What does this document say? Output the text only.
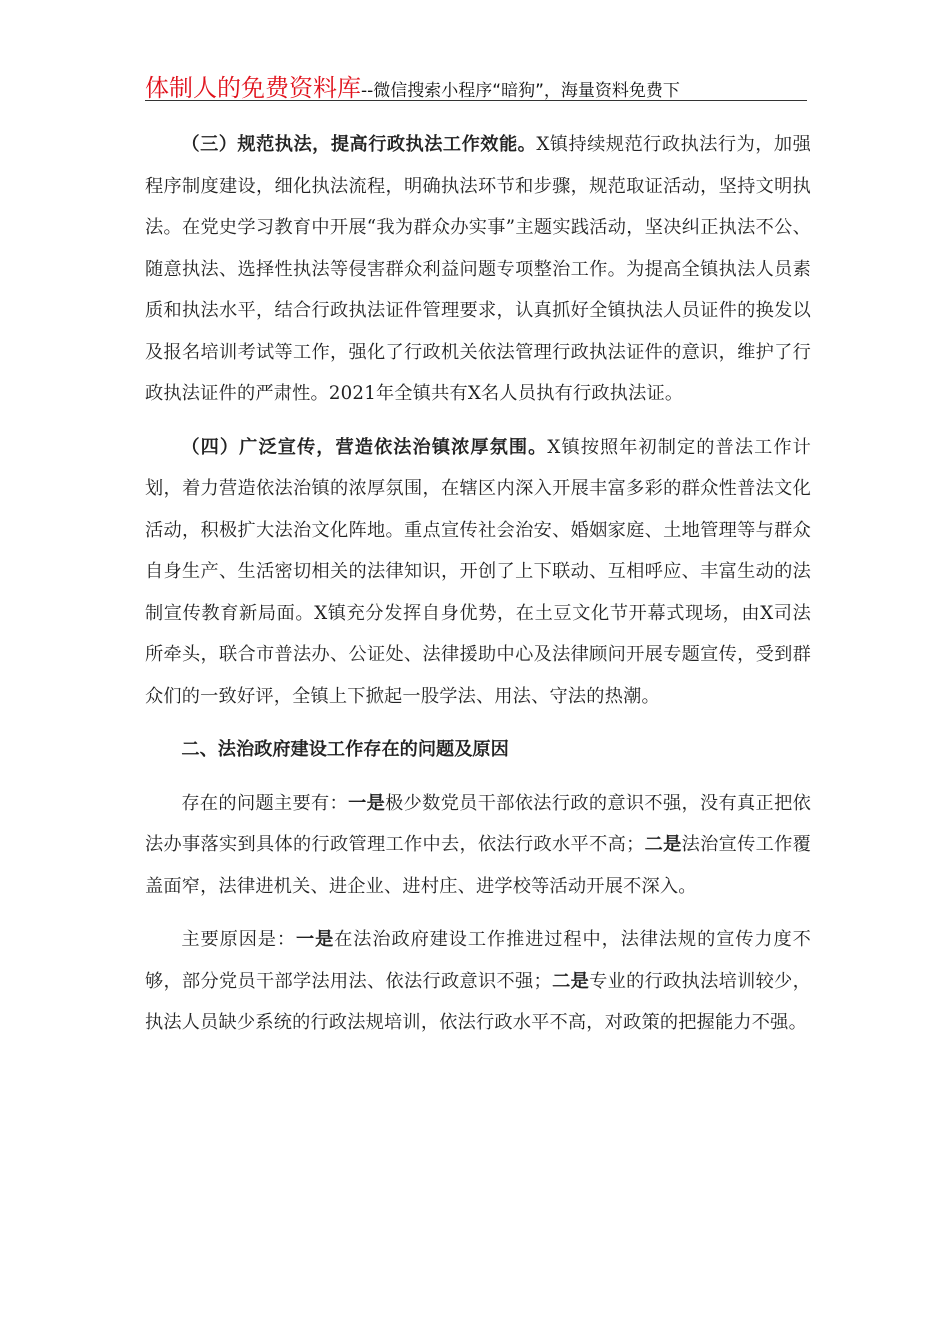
体制人的免费资料库--微信搜索小程序“暗狗”，海量资料免费下

（三）规范执法，提高行政执法工作效能。X镇持续规范行政执法行为，加强程序制度建设，细化执法流程，明确执法环节和步骤，规范取证活动，坚持文明执法。在党史学习教育中开展“我为群众办实事”主题实践活动，坚决纠正执法不公、随意执法、选择性执法等侵害群众利益问题专项整治工作。为提高全镇执法人员素质和执法水平，结合行政执法证件管理要求，认真抓好全镇执法人员证件的换发以及报名培训考试等工作，强化了行政机关依法管理行政执法证件的意识，维护了行政执法证件的严肃性。2021年全镇共有X名人员执有行政执法证。

（四）广泛宣传，营造依法治镇浓厚氛围。X镇按照年初制定的普法工作计划，着力营造依法治镇的浓厚氛围，在辖区内深入开展丰富多彩的群众性普法文化活动，积极扩大法治文化阵地。重点宣传社会治安、婚姻家庭、土地管理等与群众自身生产、生活密切相关的法律知识，开创了上下联动、互相呼应、丰富生动的法制宣传教育新局面。X镇充分发挥自身优势，在土豆文化节开幕式现场，由X司法所牵头，联合市普法办、公证处、法律援助中心及法律顾问开展专题宣传，受到群众们的一致好评，全镇上下掀起一股学法、用法、守法的热潮。

二、法治政府建设工作存在的问题及原因

存在的问题主要有：一是极少数党员干部依法行政的意识不强，没有真正把依法办事落实到具体的行政管理工作中去，依法行政水平不高；二是法治宣传工作覆盖面窄，法律进机关、进企业、进村庄、进学校等活动开展不深入。

主要原因是：一是在法治政府建设工作推进过程中，法律法规的宣传力度不够，部分党员干部学法用法、依法行政意识不强；二是专业的行政执法培训较少，执法人员缺少系统的行政法规培训，依法行政水平不高，对政策的把握能力不强。
